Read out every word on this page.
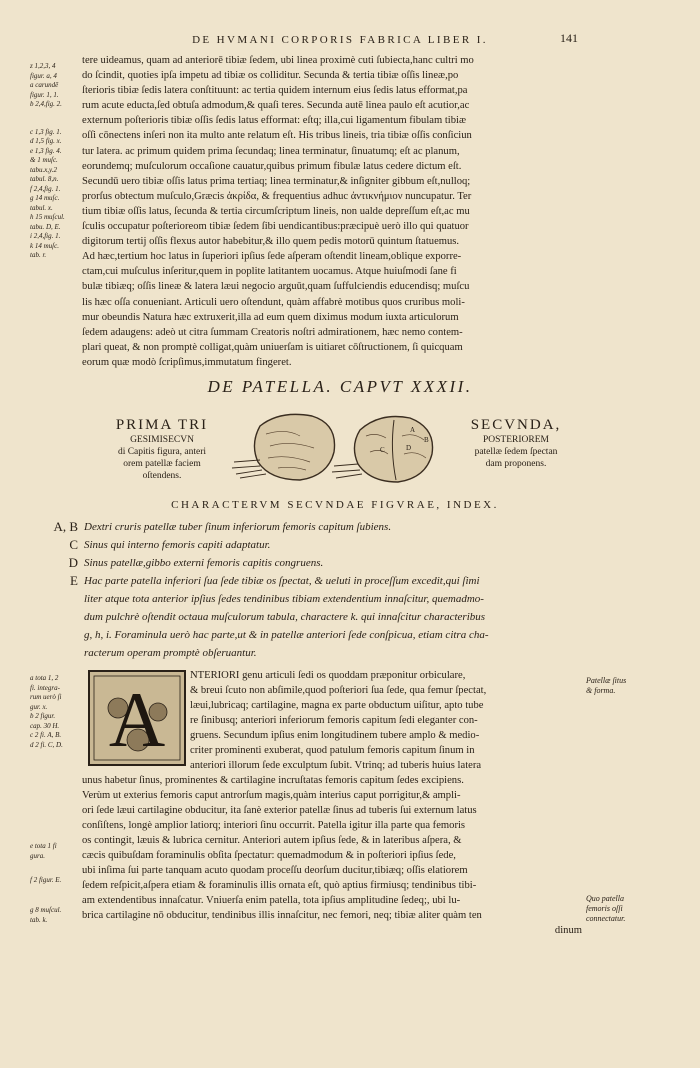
DE HVMANI CORPORIS FABRICA LIBER I.	141
z 1,2,3, 4
figur. a, 4
a carundē
figur. 1, 1.
b 2,4,fig. 2.
c 1,3 fig. 1.
d 1,5 fig. x.
e 1,3 fig. 4.
& 1 muſc.
tabu.x,y.2
tabul. 8,n.
f 2,4,fig. 1.
g 14 muſc.
tabul. x.
h 15 muſcul.
tabu. D, E.
i 2,4,fig. 1.
k 14 muſc.
tab. r.

tere uideamus, quam ad anteriorē tibiæ ſedem, ubi linea proximè cuti ſubiecta,hanc cultri mo

do ſcindit, quoties ipſa impetu ad tibiæ os colliditur. Secunda & tertia tibiæ oſſis lineæ,po

ſterioris tibiæ ſedis latera conſtituunt: ac tertia quidem internum eius ſedis latus efformat,pa

rum acute educta,ſed obtuſa admodum,& quaſi teres. Secunda autē linea paulo eſt acutior,ac

externum poſterioris tibiæ oſſis ſedis latus efformat: eſtq; illa,cui ligamentum fibulam tibiæ

oſſi cōnectens inſeri non ita multo ante relatum eſt. His tribus lineis, tria tibiæ oſſis conſiciun

tur latera. ac primum quidem prima ſecundaq; linea terminatur, ſinuatumq; eſt ac planum,

eorundemq; muſculorum occaſione cauatur,quibus primum fibulæ latus cedere dictum eſt.

Secundū uero tibiæ oſſis latus prima tertiaq; linea terminatur,& inſigniter gibbum eſt,nulloq;

prorſus obtectum muſculo,Græcis ἀκρίδα, & frequentius adhuc ἀντικνήμιον nuncupatur. Ter

tium tibiæ oſſis latus, ſecunda & tertia circumſcriptum lineis, non ualde depreſſum eſt,ac mu

ſculis occupatur poſterioreom tibiæ ſedem ſibi uendicantibus:præcipuè uerò illo qui quatuor

digitorum tertij oſſis flexus autor habebitur,& illo quem pedis motorū quintum ſtatuemus.

Ad hæc,tertium hoc latus in ſuperiori ipſius ſede aſperam oſtendit lineam,oblique exporre-

ctam,cui muſculus inſeritur,quem in poplite latitantem uocamus. Atque huiuſmodi ſane fi

bulæ tibiæq; oſſis lineæ & latera læui negocio arguūt,quam ſuffulciendis educendisq; muſcu

lis hæc oſſa conueniant. Articuli uero oſtendunt, quàm affabrè motibus quos cruribus moli-

mur obeundis Natura hæc extruxerit,illa ad eum quem diximus modum iuxta articulorum

ſedem adaugens: adeò ut citra ſummam Creatoris noſtri admirationem, hæc nemo contem-

plari queat, & non promptè colligat,quàm uniuerſam is uitiaret cōſtructionem, ſi quicquam

eorum quæ modò ſcripſimus,immutatum fingeret.

DE PATELLA. CAPVT XXXII.
PRIMA TRI
GESIMISECVN
di Capitis figura, anteri
orem patellæ faciem
oſtendens.
A
B
C	D
SECVNDA,
POSTERIOREM
patellæ ſedem ſpectan
dam proponens.
CHARACTERVM SECVNDAE FIGVRAE, INDEX.
A, B Dextri cruris patellæ tuber ſinum inferiorum femoris capitum ſubiens.
C Sinus qui interno femoris capiti adaptatur.
D Sinus patellæ,gibbo externi femoris capitis congruens.
E Hac parte patella inferiori ſua ſede tibiæ os ſpectat, & ueluti in proceſſum excedit,qui ſimi
liter atque tota anterior ipſius ſedes tendinibus tibiam extendentium innaſcitur, quemadmo-
dum pulchrè oſtendit octaua muſculorum tabula, charactere k. qui innaſcitur characteribus
g, h, i. Foraminula uerò hac parte,ut & in patellæ anteriori ſede conſpicua, etiam citra cha-
racterum operam promptè obſeruantur.
A
NTERIORI genu articuli ſedi os quoddam præponitur orbiculare,
& breui ſcuto non abſimile,quod poſteriori ſua ſede, qua femur ſpectat,
læui,lubricaq; cartilagine, magna ex parte obductum uiſitur, apto tube
re ſinibusq; anteriori inferiorum femoris capitum ſedi eleganter con-
gruens. Secundum ipſius enim longitudinem tubere amplo & medio-
criter prominenti exuberat, quod patulum femoris capitum ſinum in
anteriori illorum ſede exculptum ſubit. Vtrinq; ad tuberis huius latera
unus habetur ſinus, prominentes & cartilagine incruſtatas femoris capitum ſedes excipiens.
Verùm ut exterius femoris caput antrorſum magis,quàm interius caput porrigitur,& ampli-
ori ſede læui cartilagine obducitur, ita ſanè exterior patellæ ſinus ad tuberis ſui externum latus
conſiſtens, longè amplior latiorq; interiori ſinu occurrit. Patella igitur illa parte qua femoris
os contingit, læuis & lubrica cernitur. Anteriori autem ipſius ſede, & in lateribus aſpera, &
cæcis quibuſdam foraminulis obſita ſpectatur: quemadmodum & in poſteriori ipſius ſede,
ubi inſima ſui parte tanquam acuto quodam proceſſu deorſum ducitur,tibiæq; oſſis elatiorem
ſedem reſpicit,aſpera etiam & foraminulis illis ornata eſt, quò aptius firmiusq; tendinibus tibi-
am extendentibus innaſcatur. Vniuerſa enim patella, tota ipſius amplitudine ſedeq;, ubi lu-
brica cartilagine nō obducitur, tendinibus illis innaſcitur, nec femori, neq; tibiæ aliter quàm ten
dinum
a tota 1, 2
fi. integra-
rum uerò ſi
gur. x.
b 2 figur.
cap. 30 H.
c 2 fi. A, B.
d 2 fi. C, D.
e tota 1 fi
gura.
f 2 figur. E.
g 8 muſcul.
tab. k.
Patellæ ſitus
& forma.
Quo patella
femoris oſſi
connectatur.
